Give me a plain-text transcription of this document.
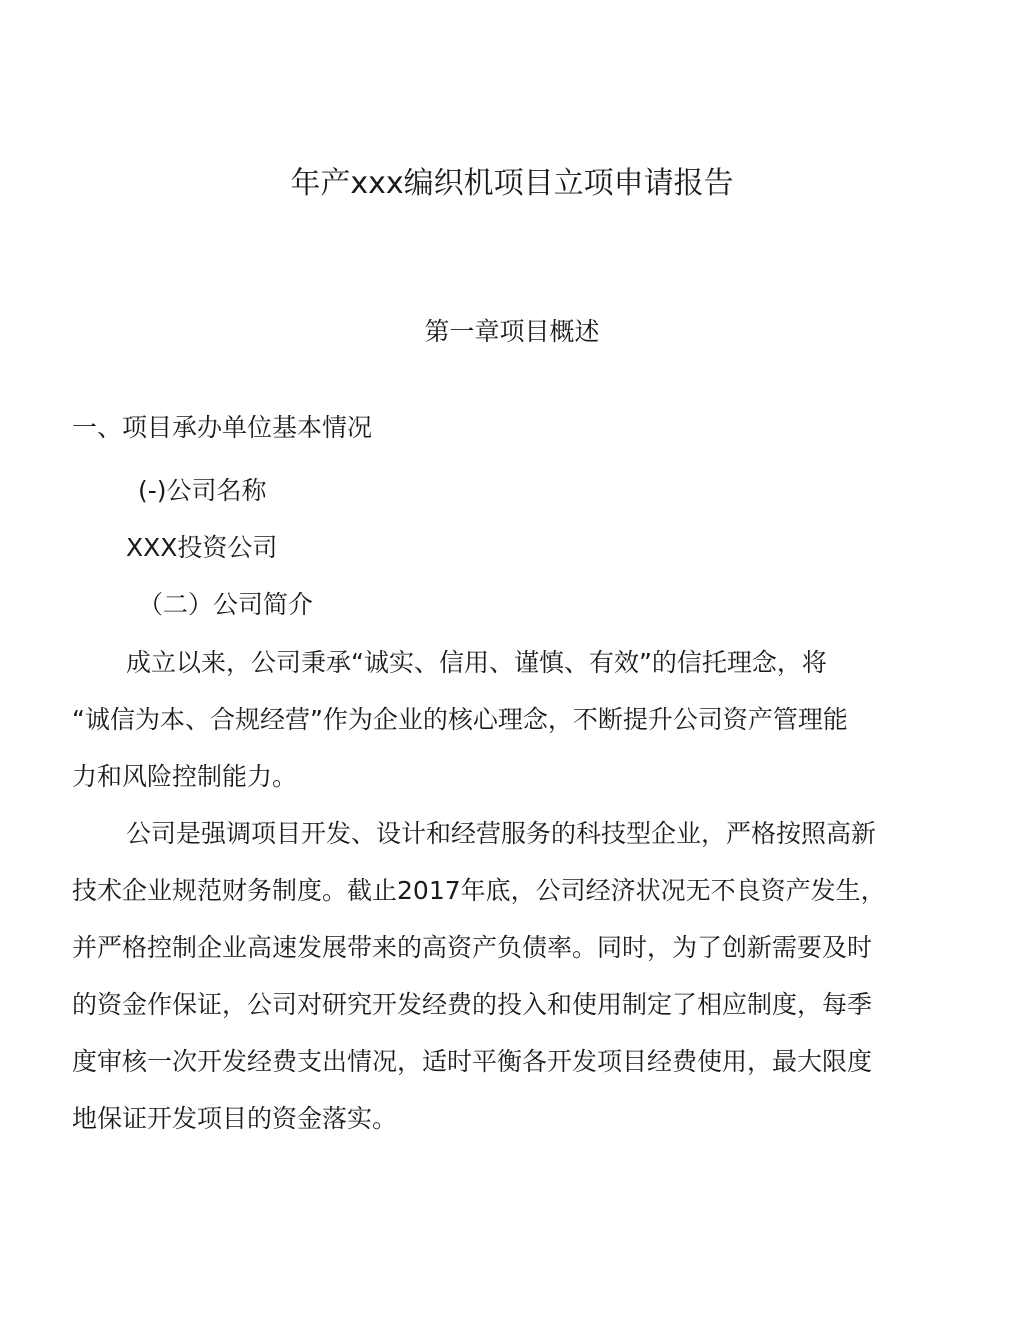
年产xxx编织机项目立项申请报告
第一章项目概述
一、项目承办单位基本情况
(-)公司名称
XXX投资公司
（二）公司简介
成立以来，公司秉承“诚实、信用、谨慎、有效”的信托理念，将
“诚信为本、合规经营”作为企业的核心理念，不断提升公司资产管理能
力和风险控制能力。
公司是强调项目开发、设计和经营服务的科技型企业，严格按照高新
技术企业规范财务制度。截止2017年底，公司经济状况无不良资产发生，
并严格控制企业高速发展带来的高资产负债率。同时，为了创新需要及时
的资金作保证，公司对研究开发经费的投入和使用制定了相应制度，每季
度审核一次开发经费支出情况，适时平衡各开发项目经费使用，最大限度
地保证开发项目的资金落实。
